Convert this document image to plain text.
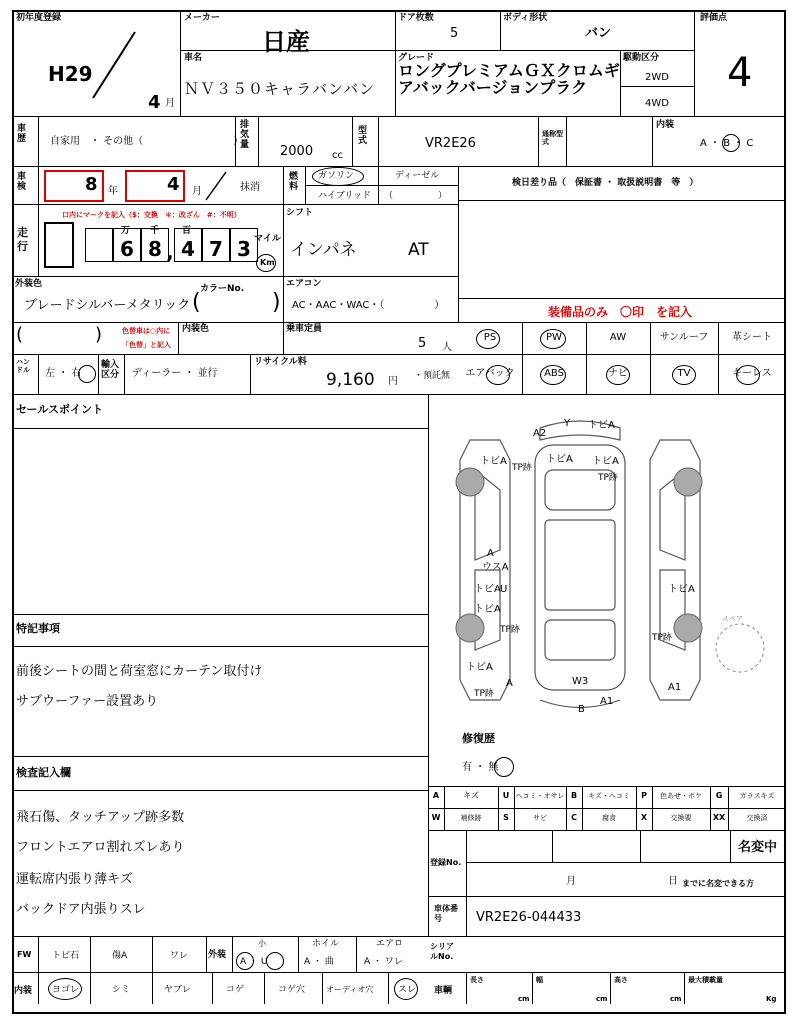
初年度登録
H29
4 月
メーカー
日産
ドア枚数
5
ボディ形状
バン
評価点
4
車名
ＮＶ３５０キャラバンバン
グレード
ロングプレミアムＧＸクロムギアバックバージョンプラク
駆動区分
2WD
4WD
車歴	自家用　・ その他（　　　　　　　　　）
排気量	2000 cc
型式	VR2E26
通称型式
内装
A ・ B ・ C
車検	8 年	4 月	抹消
燃料
ガソリン	ディーゼル
ハイブリッド （　　　　　）
検日差り品（　保証書 ・ 取扱説明書　等　）
走行
口内にマークを記入（$：交換　＊：改ざん　#：不明）
6 8 4 7 3
万 千	百
,
マイル
Km
シフト
インパネ	AT
外装色	カラーNo.
ブレードシルバーメタリック (	)
エアコン
AC・AAC・WAC・（　　　　　）	装備品のみ　〇印　を記入
(	)	色替車は○内に
「色替」と記入
内装色	乗車定員
5 人
PS	PW	AW	サンルーフ	革シート
エアバック	ABS	ナビ	TV	キーレス
ハンドル 左 ・ 右
輸入区分	ディーラー ・ 並行
リサイクル料
9,160 円 ・預託無
セールスポイント
特記事項
前後シートの間と荷室窓にカーテン取付け
サブウーファー設置あり
検査記入欄
飛石傷、タッチアップ跡多数
フロントエアロ割れズレあり
運転席内張り薄キズ
バックドア内張りスレ
A2
Y トビA
トビA
TP跡
トビA トビA
TP跡
A
ウスA
トビA U
トビA
TP跡
トビA
TP跡
トビA
TP跡
A	W3
A1
B
A1
スペア
修復歴
有 ・ 無
A	キズ	U ヘコミ・オサレ B	キズ・ヘコミ	P	色あせ・ボケ	G	ガラスキズ
W	補修跡	S	サビ	C	腐食	X	交換要	XX	交換済
登録No.
名変中
月	日 までに名変できる方
車体番号	VR2E26-044433
FW トビ石	傷A	ワレ 外装
小
A ・ U
ホイル
A ・ 曲
エアロ
A ・ ワレ
シリアルNo.
内装 ヨゴレ	シミ	ヤブレ	コゲ	コゲ穴	オーディオ穴	スレ 車輌
長さ	幅	高さ	最大積載量
cm	cm	cm	Kg
